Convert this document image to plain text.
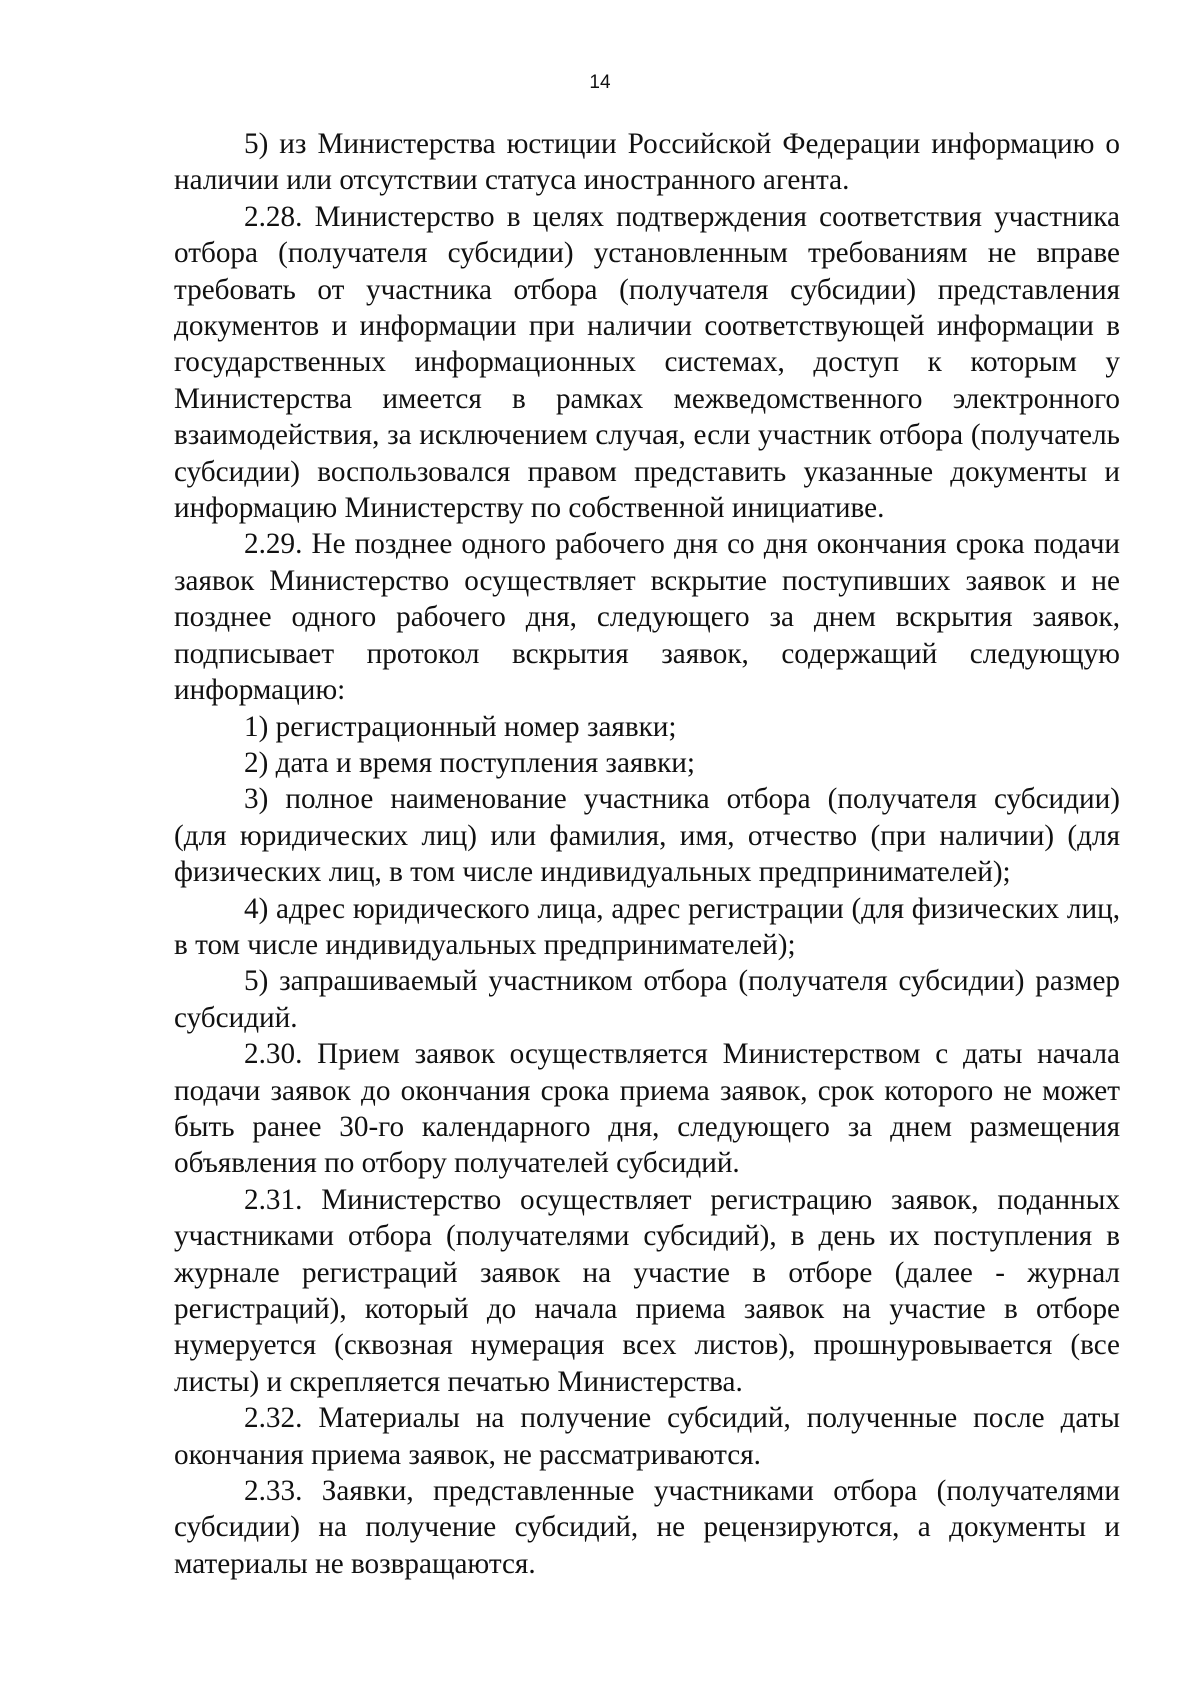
14

5) из Министерства юстиции Российской Федерации информацию о наличии или отсутствии статуса иностранного агента.

2.28. Министерство в целях подтверждения соответствия участника отбора (получателя субсидии) установленным требованиям не вправе требовать от участника отбора (получателя субсидии) представления документов и информации при наличии соответствующей информации в государственных информационных системах, доступ к которым у Министерства имеется в рамках межведомственного электронного взаимодействия, за исключением случая, если участник отбора (получатель субсидии) воспользовался правом представить указанные документы и информацию Министерству по собственной инициативе.

2.29. Не позднее одного рабочего дня со дня окончания срока подачи заявок Министерство осуществляет вскрытие поступивших заявок и не позднее одного рабочего дня, следующего за днем вскрытия заявок, подписывает протокол вскрытия заявок, содержащий следующую информацию:

1) регистрационный номер заявки;

2) дата и время поступления заявки;

3) полное наименование участника отбора (получателя субсидии) (для юридических лиц) или фамилия, имя, отчество (при наличии) (для физических лиц, в том числе индивидуальных предпринимателей);

4) адрес юридического лица, адрес регистрации (для физических лиц, в том числе индивидуальных предпринимателей);

5) запрашиваемый участником отбора (получателя субсидии) размер субсидий.

2.30. Прием заявок осуществляется Министерством с даты начала подачи заявок до окончания срока приема заявок, срок которого не может быть ранее 30-го календарного дня, следующего за днем размещения объявления по отбору получателей субсидий.

2.31. Министерство осуществляет регистрацию заявок, поданных участниками отбора (получателями субсидий), в день их поступления в журнале регистраций заявок на участие в отборе (далее - журнал регистраций), который до начала приема заявок на участие в отборе нумеруется (сквозная нумерация всех листов), прошнуровывается (все листы) и скрепляется печатью Министерства.

2.32. Материалы на получение субсидий, полученные после даты окончания приема заявок, не рассматриваются.

2.33. Заявки, представленные участниками отбора (получателями субсидии) на получение субсидий, не рецензируются, а документы и материалы не возвращаются.
